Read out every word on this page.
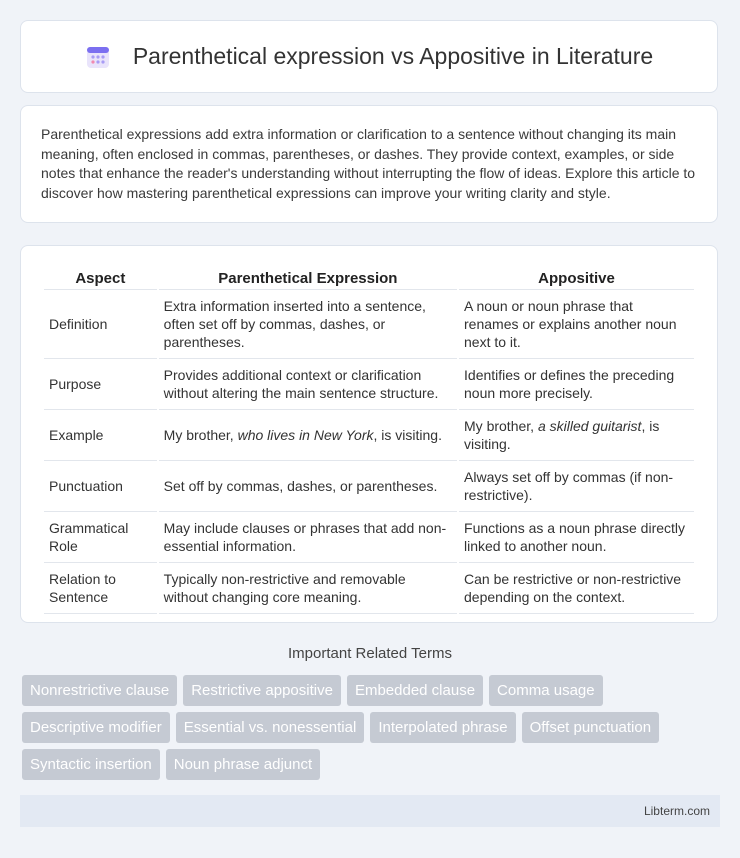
Parenthetical expression vs Appositive in Literature

Parenthetical expressions add extra information or clarification to a sentence without changing its main meaning, often enclosed in commas, parentheses, or dashes. They provide context, examples, or side notes that enhance the reader's understanding without interrupting the flow of ideas. Explore this article to discover how mastering parenthetical expressions can improve your writing clarity and style.

Aspect	Parenthetical Expression	Appositive
Definition	Extra information inserted into a sentence, often set off by commas, dashes, or parentheses.	A noun or noun phrase that renames or explains another noun next to it.
Purpose	Provides additional context or clarification without altering the main sentence structure.	Identifies or defines the preceding noun more precisely.
Example	My brother, who lives in New York, is visiting.	My brother, a skilled guitarist, is visiting.
Punctuation	Set off by commas, dashes, or parentheses.	Always set off by commas (if non-restrictive).
Grammatical Role	May include clauses or phrases that add non-essential information.	Functions as a noun phrase directly linked to another noun.
Relation to Sentence	Typically non-restrictive and removable without changing core meaning.	Can be restrictive or non-restrictive depending on the context.
Important Related Terms
Nonrestrictive clause	Restrictive appositive	Embedded clause	Comma usage
Descriptive modifier	Essential vs. nonessential	Interpolated phrase	Offset punctuation
Syntactic insertion	Noun phrase adjunct
Libterm.com
